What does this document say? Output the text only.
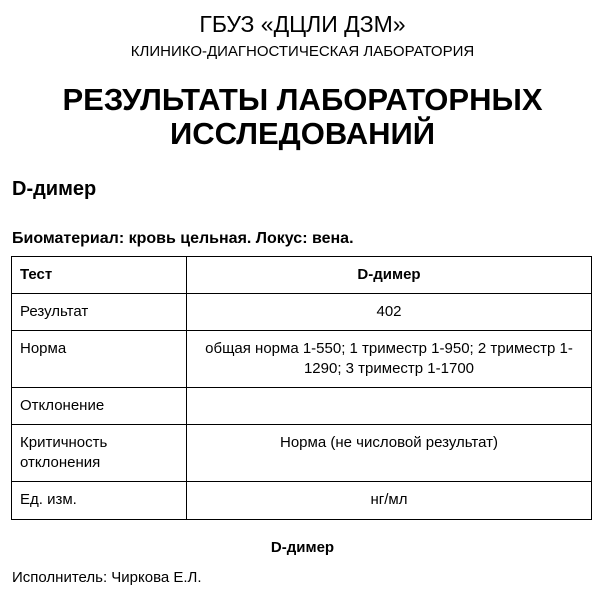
ГБУЗ «ДЦЛИ ДЗМ»
КЛИНИКО-ДИАГНОСТИЧЕСКАЯ ЛАБОРАТОРИЯ
РЕЗУЛЬТАТЫ ЛАБОРАТОРНЫХ ИССЛЕДОВАНИЙ
D-димер
Биоматериал: кровь цельная. Локус: вена.
Тест	D-димер
Результат	402
Норма	общая норма 1-550; 1 триместр 1-950; 2 триместр 1-1290; 3 триместр 1-1700
Отклонение	
Критичность отклонения	Норма (не числовой результат)
Ед. изм.	нг/мл
D-димер
Исполнитель: Чиркова Е.Л.
